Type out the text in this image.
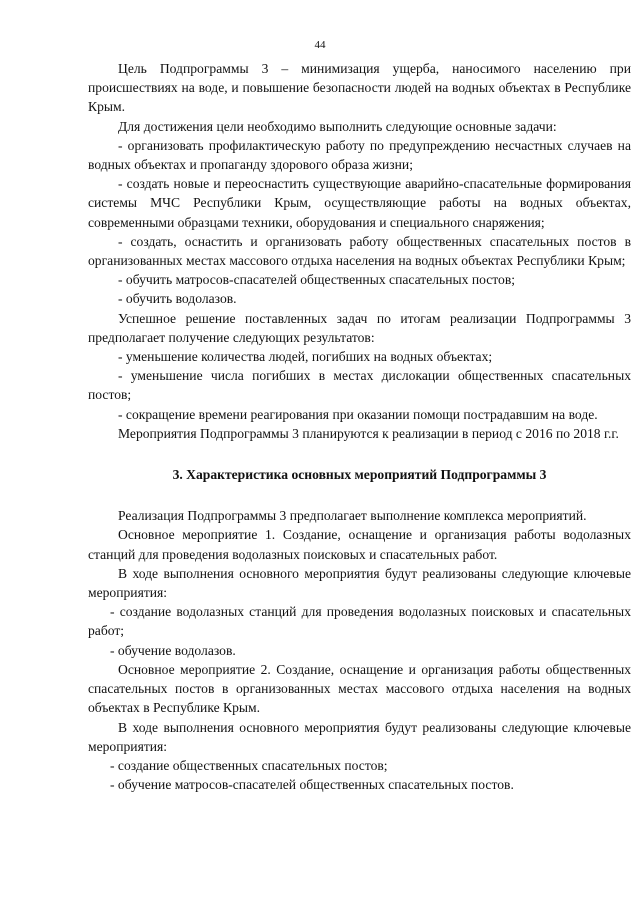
44

Цель Подпрограммы 3 – минимизация ущерба, наносимого населению при происшествиях на воде, и повышение безопасности людей на водных объектах в Республике Крым.

Для достижения цели необходимо выполнить следующие основные задачи:

- организовать профилактическую работу по предупреждению несчастных случаев на водных объектах и пропаганду здорового образа жизни;

- создать новые и переоснастить существующие аварийно-спасательные формирования системы МЧС Республики Крым, осуществляющие работы на водных объектах, современными образцами техники, оборудования и специального снаряжения;

- создать, оснастить и организовать работу общественных спасательных постов в организованных местах массового отдыха населения на водных объектах Республики Крым;

- обучить матросов-спасателей общественных спасательных постов;

- обучить водолазов.

Успешное решение поставленных задач по итогам реализации Подпрограммы 3 предполагает получение следующих результатов:

- уменьшение количества людей, погибших на водных объектах;

- уменьшение числа погибших в местах дислокации общественных спасательных постов;

- сокращение времени реагирования при оказании помощи пострадавшим на воде.

Мероприятия Подпрограммы 3 планируются к реализации в период с 2016 по 2018 г.г.

3. Характеристика основных мероприятий Подпрограммы 3

Реализация Подпрограммы 3 предполагает выполнение комплекса мероприятий.

Основное мероприятие 1. Создание, оснащение и организация работы водолазных станций для проведения водолазных поисковых и спасательных работ.

В ходе выполнения основного мероприятия будут реализованы следующие ключевые мероприятия:

- создание водолазных станций для проведения водолазных поисковых и спасательных работ;

- обучение водолазов.

Основное мероприятие 2. Создание, оснащение и организация работы общественных спасательных постов в организованных местах массового отдыха населения на водных объектах в Республике Крым.

В ходе выполнения основного мероприятия будут реализованы следующие ключевые мероприятия:

- создание общественных спасательных постов;

- обучение матросов-спасателей общественных спасательных постов.
